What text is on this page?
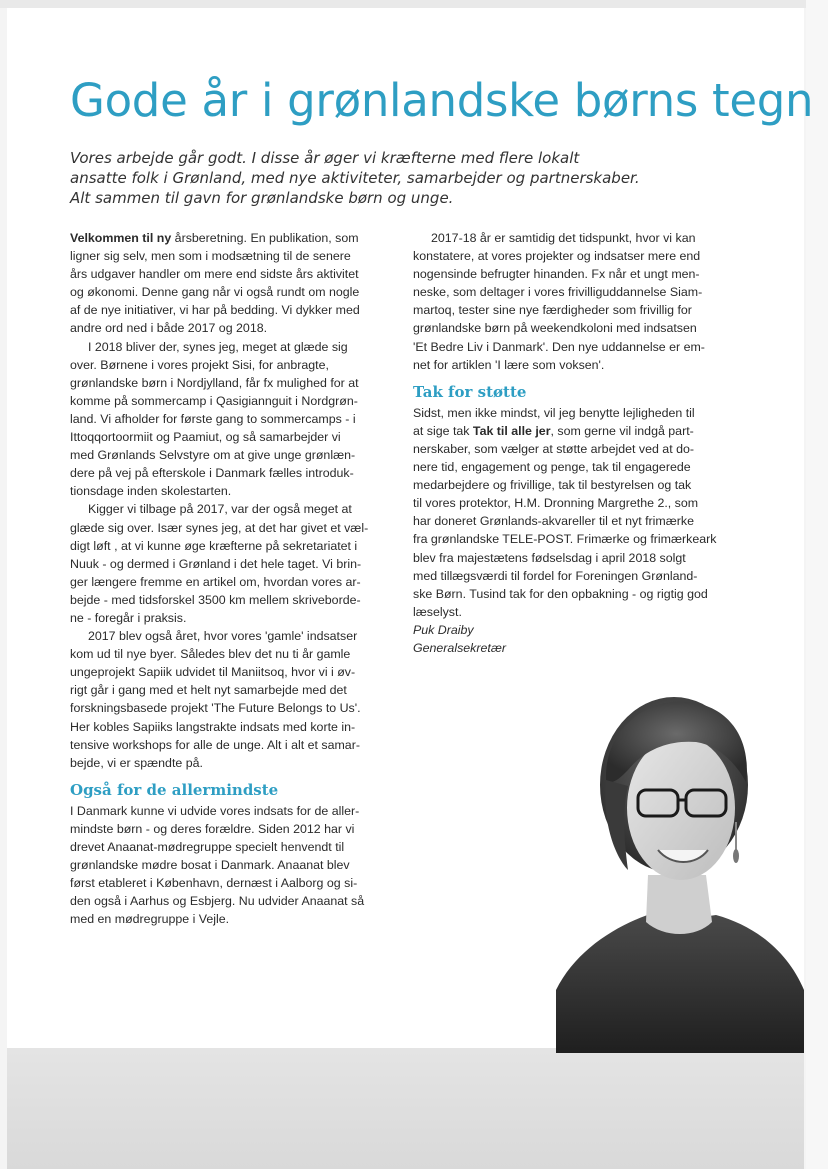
Gode år i grønlandske børns tegn
Vores arbejde går godt. I disse år øger vi kræfterne med flere lokalt
ansatte folk i Grønland, med nye aktiviteter, samarbejder og partnerskaber.
Alt sammen til gavn for grønlandske børn og unge.

Velkommen til ny årsberetning. En publikation, som
ligner sig selv, men som i modsætning til de senere
års udgaver handler om mere end sidste års aktivitet
og økonomi. Denne gang når vi også rundt om nogle
af de nye initiativer, vi har på bedding. Vi dykker med
andre ord ned i både 2017 og 2018.

I 2018 bliver der, synes jeg, meget at glæde sig
over. Børnene i vores projekt Sisi, for anbragte,
grønlandske børn i Nordjylland, får fx mulighed for at
komme på sommercamp i Qasigiannguit i Nordgrøn-
land. Vi afholder for første gang to sommercamps - i
Ittoqqortoormiit og Paamiut, og så samarbejder vi
med Grønlands Selvstyre om at give unge grønlæn-
dere på vej på efterskole i Danmark fælles introduk-
tionsdage inden skolestarten.

Kigger vi tilbage på 2017, var der også meget at
glæde sig over. Især synes jeg, at det har givet et væl-
digt løft , at vi kunne øge kræfterne på sekretariatet i
Nuuk - og dermed i Grønland i det hele taget. Vi brin-
ger længere fremme en artikel om, hvordan vores ar-
bejde - med tidsforskel 3500 km mellem skriveborde-
ne - foregår i praksis.

2017 blev også året, hvor vores 'gamle' indsatser
kom ud til nye byer. Således blev det nu ti år gamle
ungeprojekt Sapiik udvidet til Maniitsoq, hvor vi i øv-
rigt går i gang med et helt nyt samarbejde med det
forskningsbasede projekt 'The Future Belongs to Us'.
Her kobles Sapiiks langstrakte indsats med korte in-
tensive workshops for alle de unge. Alt i alt et samar-
bejde, vi er spændte på.

Også for de allermindste

I Danmark kunne vi udvide vores indsats for de aller-
mindste børn - og deres forældre. Siden 2012 har vi
drevet Anaanat-mødregruppe specielt henvendt til
grønlandske mødre bosat i Danmark. Anaanat blev
først etableret i København, dernæst i Aalborg og si-
den også i Aarhus og Esbjerg. Nu udvider Anaanat så
med en mødregruppe i Vejle.

2017-18 år er samtidig det tidspunkt, hvor vi kan
konstatere, at vores projekter og indsatser mere end
nogensinde befrugter hinanden. Fx når et ungt men-
neske, som deltager i vores frivilliguddannelse Siam-
martoq, tester sine nye færdigheder som frivillig for
grønlandske børn på weekendkoloni med indsatsen
'Et Bedre Liv i Danmark'. Den nye uddannelse er em-
net for artiklen 'I lære som voksen'.

Tak for støtte

Sidst, men ikke mindst, vil jeg benytte lejligheden til
at sige tak Tak til alle јer, som gerne vil indgå part-
nerskaber, som vælger at støtte arbejdet ved at do-
nere tid, engagement og penge, tak til engagerede
medarbejdere og frivillige, tak til bestyrelsen og tak
til vores protektor, H.M. Dronning Margrethe 2., som
har doneret Grønlands-akvareller til et nyt frimærke
fra grønlandske TELE-POST. Frimærke og frimærkeark
blev fra majestætens fødselsdag i april 2018 solgt
med tillægsværdi til fordel for Foreningen Grønland-
ske Børn. Tusind tak for den opbakning - og rigtig god
læselyst.

Puk Draiby
Generalsekretær
